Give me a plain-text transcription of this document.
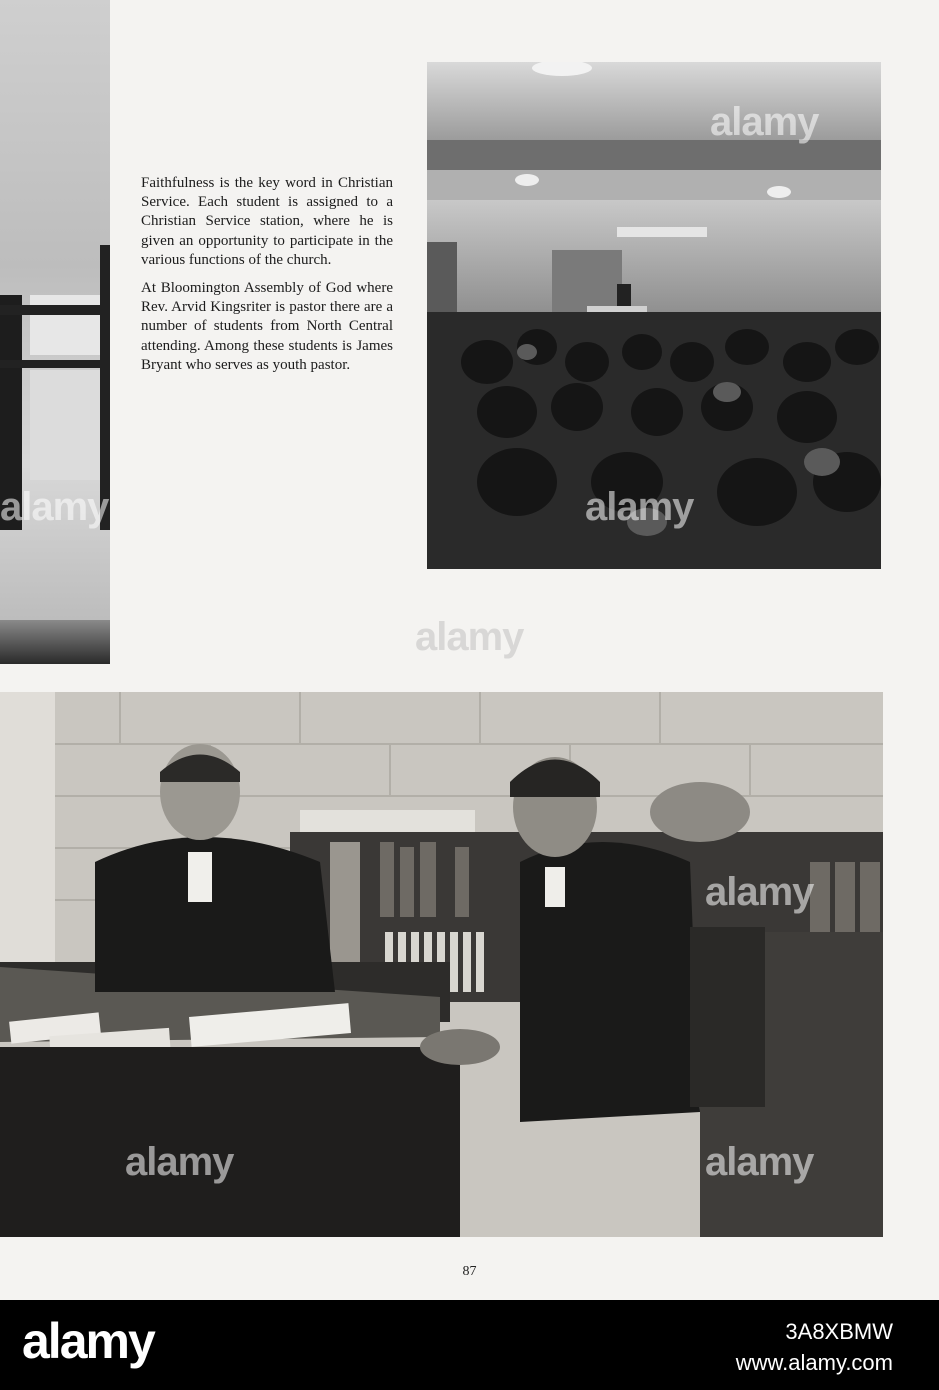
Faithfulness is the key word in Christian Service. Each student is assigned to a Christian Service station, where he is given an opportunity to participate in the various functions of the church.

At Bloomington Assembly of God where Rev. Arvid Kingsriter is pastor there are a number of students from North Central attending. Among these students is James Bryant who serves as youth pastor.

87
alamy
alamy
alamy
alamy
alamy
alamy	alamy
alamy	3A8XBMW
www.alamy.com
